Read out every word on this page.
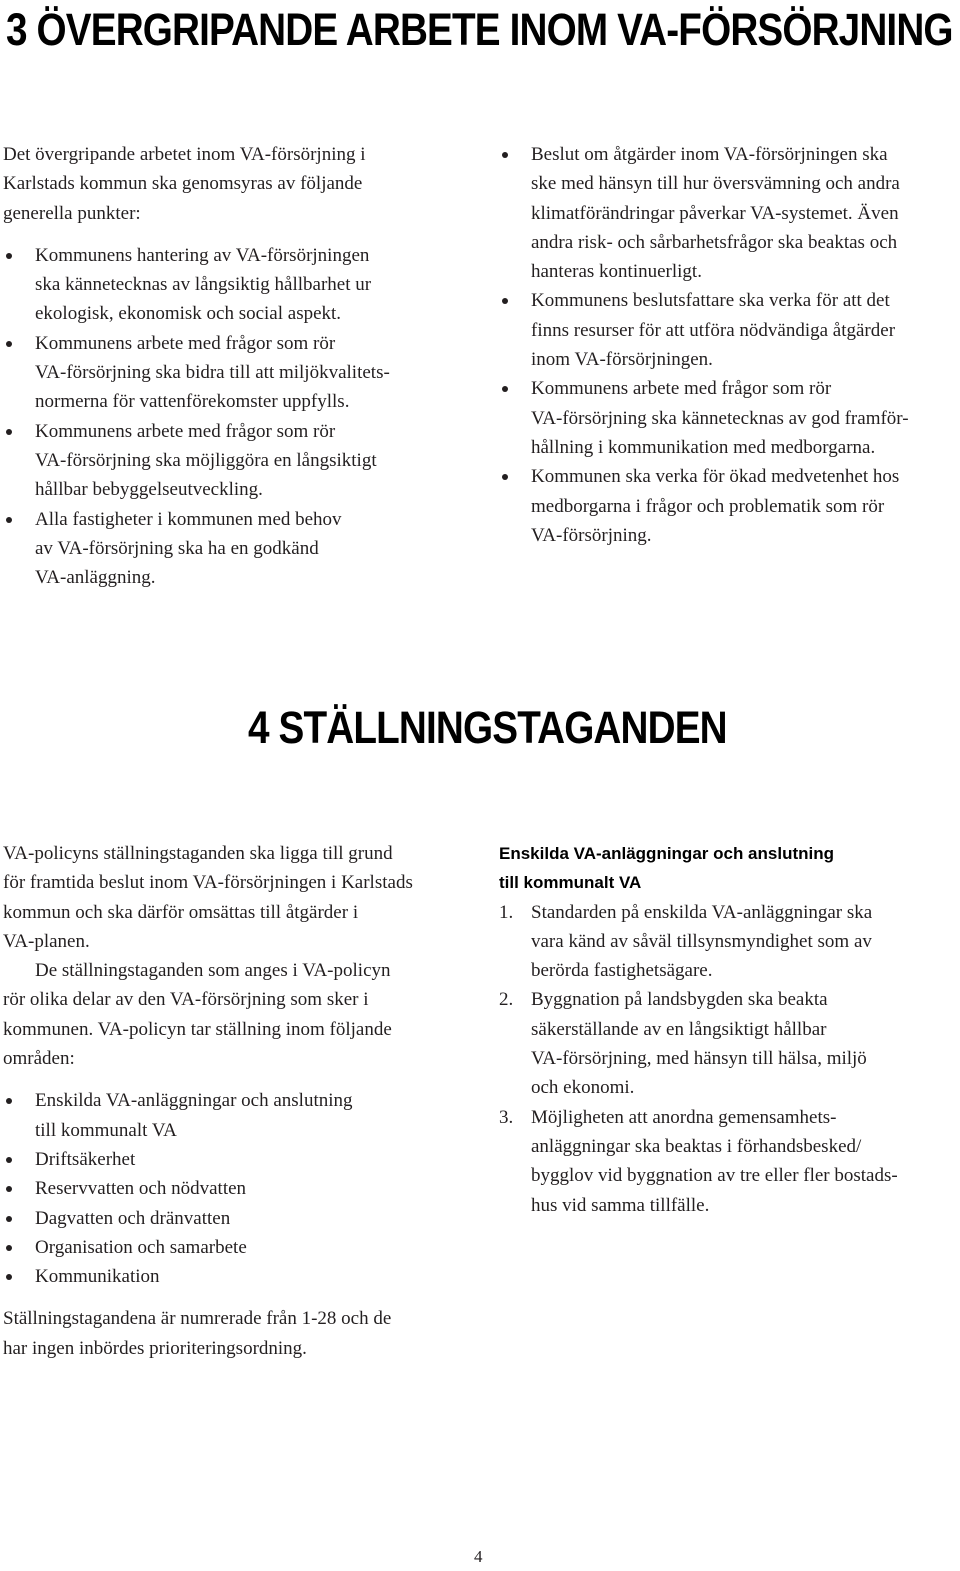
3 ÖVERGRIPANDE ARBETE INOM VA-FÖRSÖRJNING

Det övergripande arbetet inom VA-försörjning i
Karlstads kommun ska genomsyras av följande
generella punkter:

Kommunens hantering av VA-försörjningen
ska kännetecknas av långsiktig hållbarhet ur
ekologisk, ekonomisk och social aspekt.
Kommunens arbete med frågor som rör
VA-försörjning ska bidra till att miljökvalitets-
normerna för vattenförekomster uppfylls.
Kommunens arbete med frågor som rör
VA-försörjning ska möjliggöra en långsiktigt
hållbar bebyggelseutveckling.
Alla fastigheter i kommunen med behov
av VA-försörjning ska ha en godkänd
VA-anläggning.
Beslut om åtgärder inom VA-försörjningen ska
ske med hänsyn till hur översvämning och andra
klimatförändringar påverkar VA-systemet. Även
andra risk- och sårbarhetsfrågor ska beaktas och
hanteras kontinuerligt.
Kommunens beslutsfattare ska verka för att det
finns resurser för att utföra nödvändiga åtgärder
inom VA-försörjningen.
Kommunens arbete med frågor som rör
VA-försörjning ska kännetecknas av god framför-
hållning i kommunikation med medborgarna.
Kommunen ska verka för ökad medvetenhet hos
medborgarna i frågor och problematik som rör
VA-försörjning.
4 STÄLLNINGSTAGANDEN

VA-policyns ställningstaganden ska ligga till grund
för framtida beslut inom VA-försörjningen i Karlstads
kommun och ska därför omsättas till åtgärder i
VA-planen.

De ställningstaganden som anges i VA-policyn
rör olika delar av den VA-försörjning som sker i
kommunen. VA-policyn tar ställning inom följande
områden:

Enskilda VA-anläggningar och anslutning
till kommunalt VA
Driftsäkerhet
Reservvatten och nödvatten
Dagvatten och dränvatten
Organisation och samarbete
Kommunikation

Ställningstagandena är numrerade från 1-28 och de
har ingen inbördes prioriteringsordning.

Enskilda VA-anläggningar och anslutning
till kommunalt VA

1. Standarden på enskilda VA-anläggningar ska
vara känd av såväl tillsynsmyndighet som av
berörda fastighetsägare.
2. Byggnation på landsbygden ska beakta
säkerställande av en långsiktigt hållbar
VA-försörjning, med hänsyn till hälsa, miljö
och ekonomi.
3. Möjligheten att anordna gemensamhets-
anläggningar ska beaktas i förhandsbesked/
bygglov vid byggnation av tre eller fler bostads-
hus vid samma tillfälle.
4
